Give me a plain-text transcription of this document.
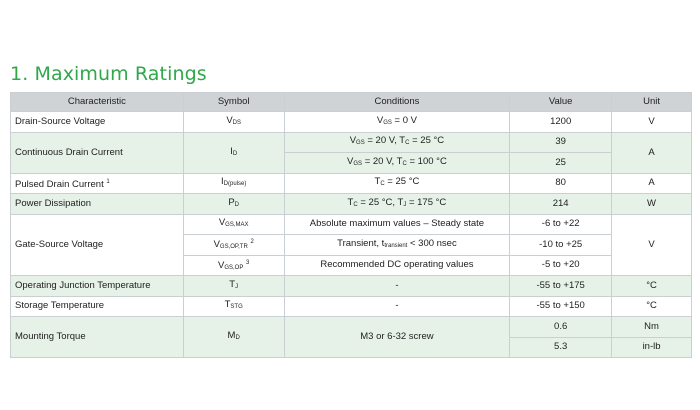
1. Maximum Ratings
Characteristic	Symbol	Conditions	Value	Unit
Drain-Source Voltage	$V_{DS}$	$V_{GS} = 0$ V	1200	V
Continuous Drain Current	$I_D$	$V_{GS} = 20$ V, $T_C = 25$ °C	39	A
		$V_{GS} = 20$ V, $T_C = 100$ °C	25	
Pulsed Drain Current $^1$	$I_{D(pulse)}$	$T_C = 25$ °C	80	A
Power Dissipation	$P_D$	$T_C = 25$ °C, $T_J = 175$ °C	214	W
Gate-Source Voltage	$V_{GS,MAX}$	Absolute maximum values – Steady state	-6 to +22	V
	$V_{GS,OP,TR}$ $^2$	Transient, $t_{transient} < 300$ nsec	-10 to +25	
	$V_{GS,OP}$ $^3$	Recommended DC operating values	-5 to +20	
Operating Junction Temperature	$T_J$	-	-55 to +175	°C
Storage Temperature	$T_{STG}$	-	-55 to +150	°C
Mounting Torque	$M_D$	M3 or 6-32 screw	0.6	Nm
			5.3	in-lb
